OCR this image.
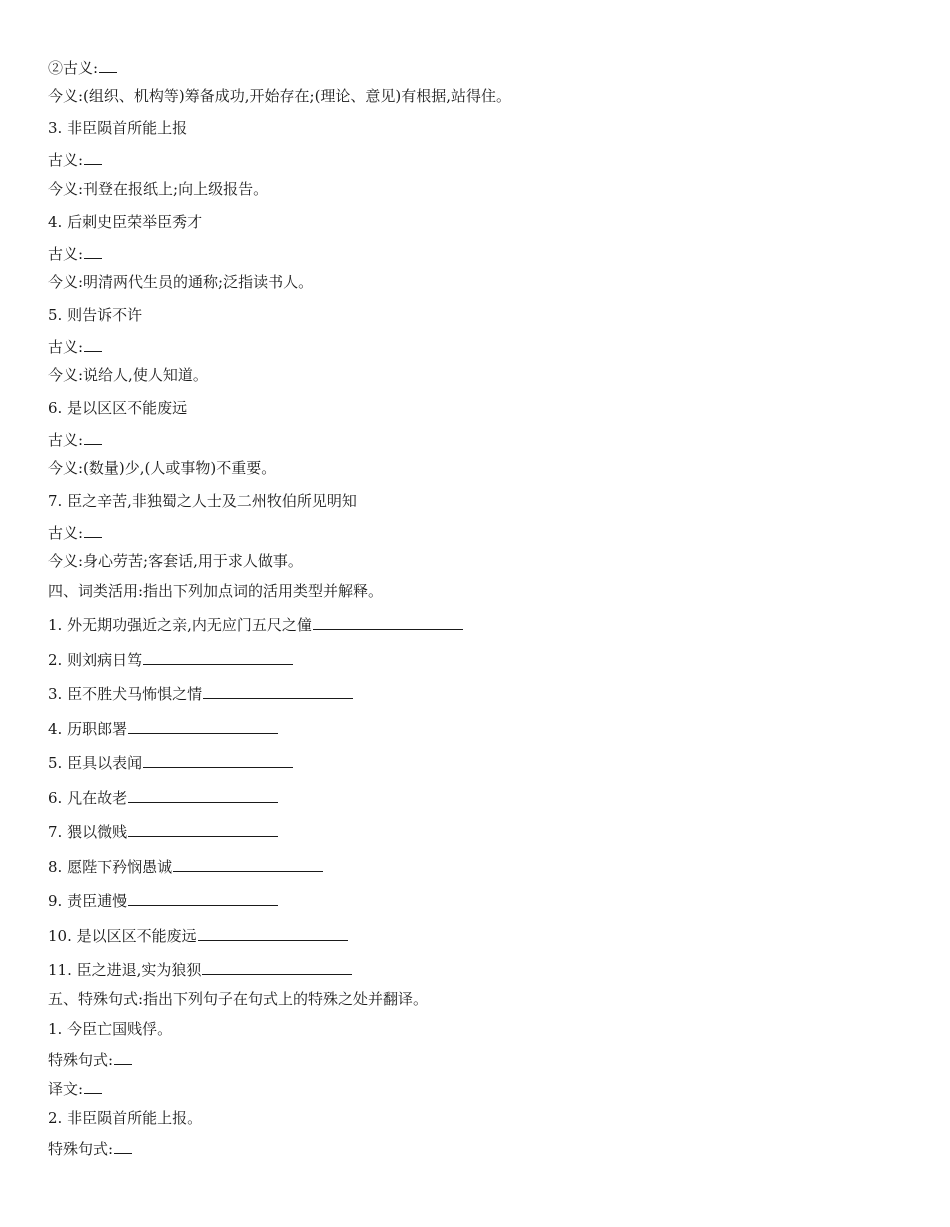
②古义:
今义:(组织、机构等)筹备成功,开始存在;(理论、意见)有根据,站得住。
3. 非臣陨首所能上报
古义:
今义:刊登在报纸上;向上级报告。
4. 后刺史臣荣举臣秀才
古义:
今义:明清两代生员的通称;泛指读书人。
5. 则告诉不许
古义:
今义:说给人,使人知道。
6. 是以区区不能废远
古义:
今义:(数量)少,(人或事物)不重要。
7. 臣之辛苦,非独蜀之人士及二州牧伯所见明知
古义:
今义:身心劳苦;客套话,用于求人做事。
四、词类活用:指出下列加点词的活用类型并解释。
1. 外无期功强近之亲,内无应门五尺之僮
2. 则刘病日笃
3. 臣不胜犬马怖惧之情
4. 历职郎署
5. 臣具以表闻
6. 凡在故老
7. 猥以微贱
8. 愿陛下矜悯愚诚
9. 责臣逋慢
10. 是以区区不能废远
11. 臣之进退,实为狼狈
五、特殊句式:指出下列句子在句式上的特殊之处并翻译。
1. 今臣亡国贱俘。
特殊句式:
译文:
2. 非臣陨首所能上报。
特殊句式:
